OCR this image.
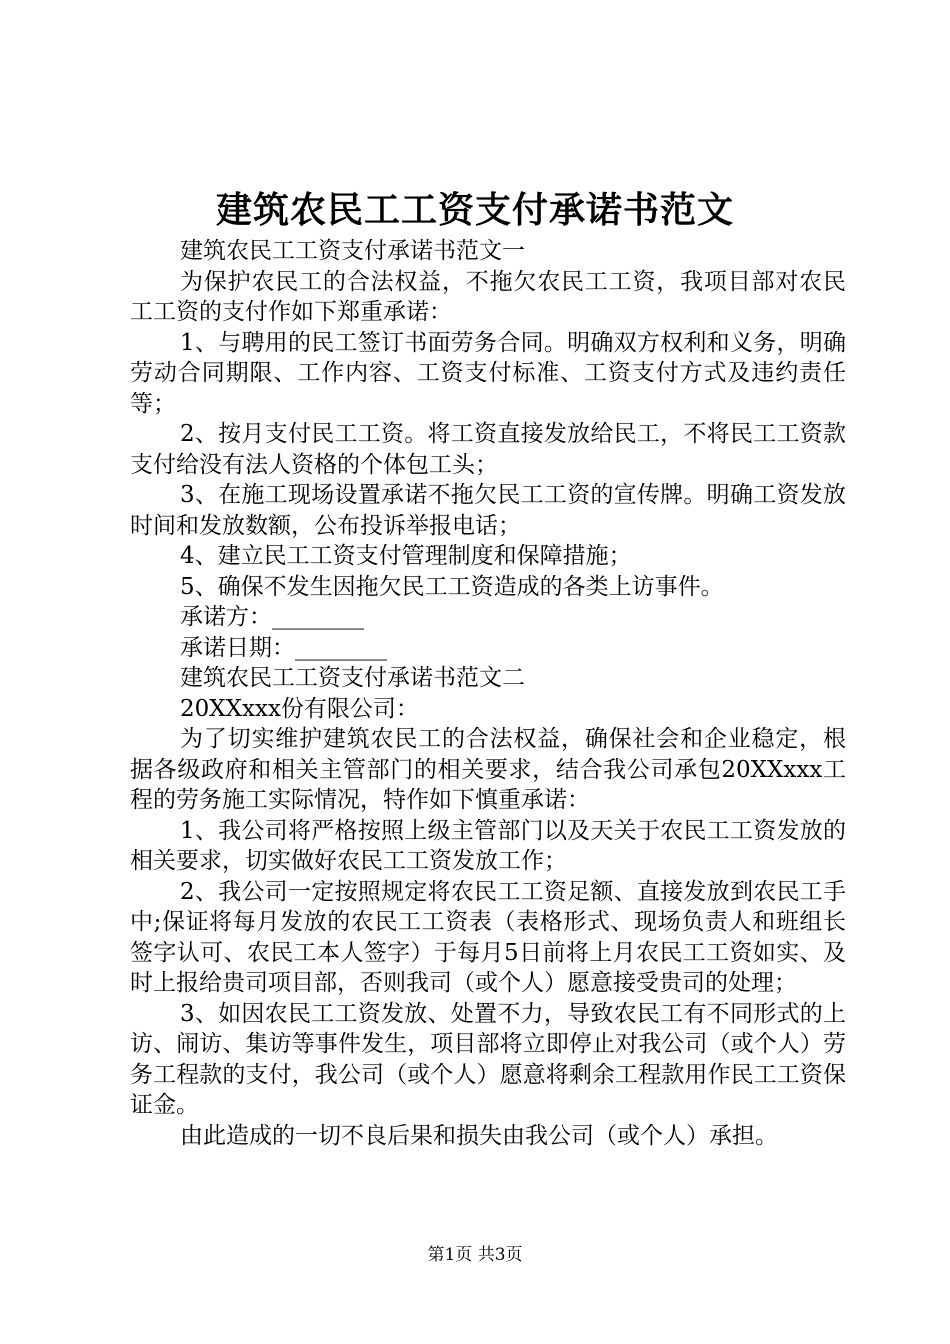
建筑农民工工资支付承诺书范文

建筑农民工工资支付承诺书范文一

为保护农民工的合法权益，不拖欠农民工工资，我项目部对农民工工资的支付作如下郑重承诺：

1、与聘用的民工签订书面劳务合同。明确双方权利和义务，明确劳动合同期限、工作内容、工资支付标准、工资支付方式及违约责任等；

2、按月支付民工工资。将工资直接发放给民工，不将民工工资款支付给没有法人资格的个体包工头；

3、在施工现场设置承诺不拖欠民工工资的宣传牌。明确工资发放时间和发放数额，公布投诉举报电话；

4、建立民工工资支付管理制度和保障措施；

5、确保不发生因拖欠民工工资造成的各类上访事件。

承诺方：________

承诺日期：________

建筑农民工工资支付承诺书范文二

20XXxxx份有限公司：

为了切实维护建筑农民工的合法权益，确保社会和企业稳定，根据各级政府和相关主管部门的相关要求，结合我公司承包20XXxxx工程的劳务施工实际情况，特作如下慎重承诺：

1、我公司将严格按照上级主管部门以及天关于农民工工资发放的相关要求，切实做好农民工工资发放工作；

2、我公司一定按照规定将农民工工资足额、直接发放到农民工手中;保证将每月发放的农民工工资表（表格形式、现场负责人和班组长签字认可、农民工本人签字）于每月5日前将上月农民工工资如实、及时上报给贵司项目部，否则我司（或个人）愿意接受贵司的处理；

3、如因农民工工资发放、处置不力，导致农民工有不同形式的上访、闹访、集访等事件发生，项目部将立即停止对我公司（或个人）劳务工程款的支付，我公司（或个人）愿意将剩余工程款用作民工工资保证金。

由此造成的一切不良后果和损失由我公司（或个人）承担。

第1页 共3页
